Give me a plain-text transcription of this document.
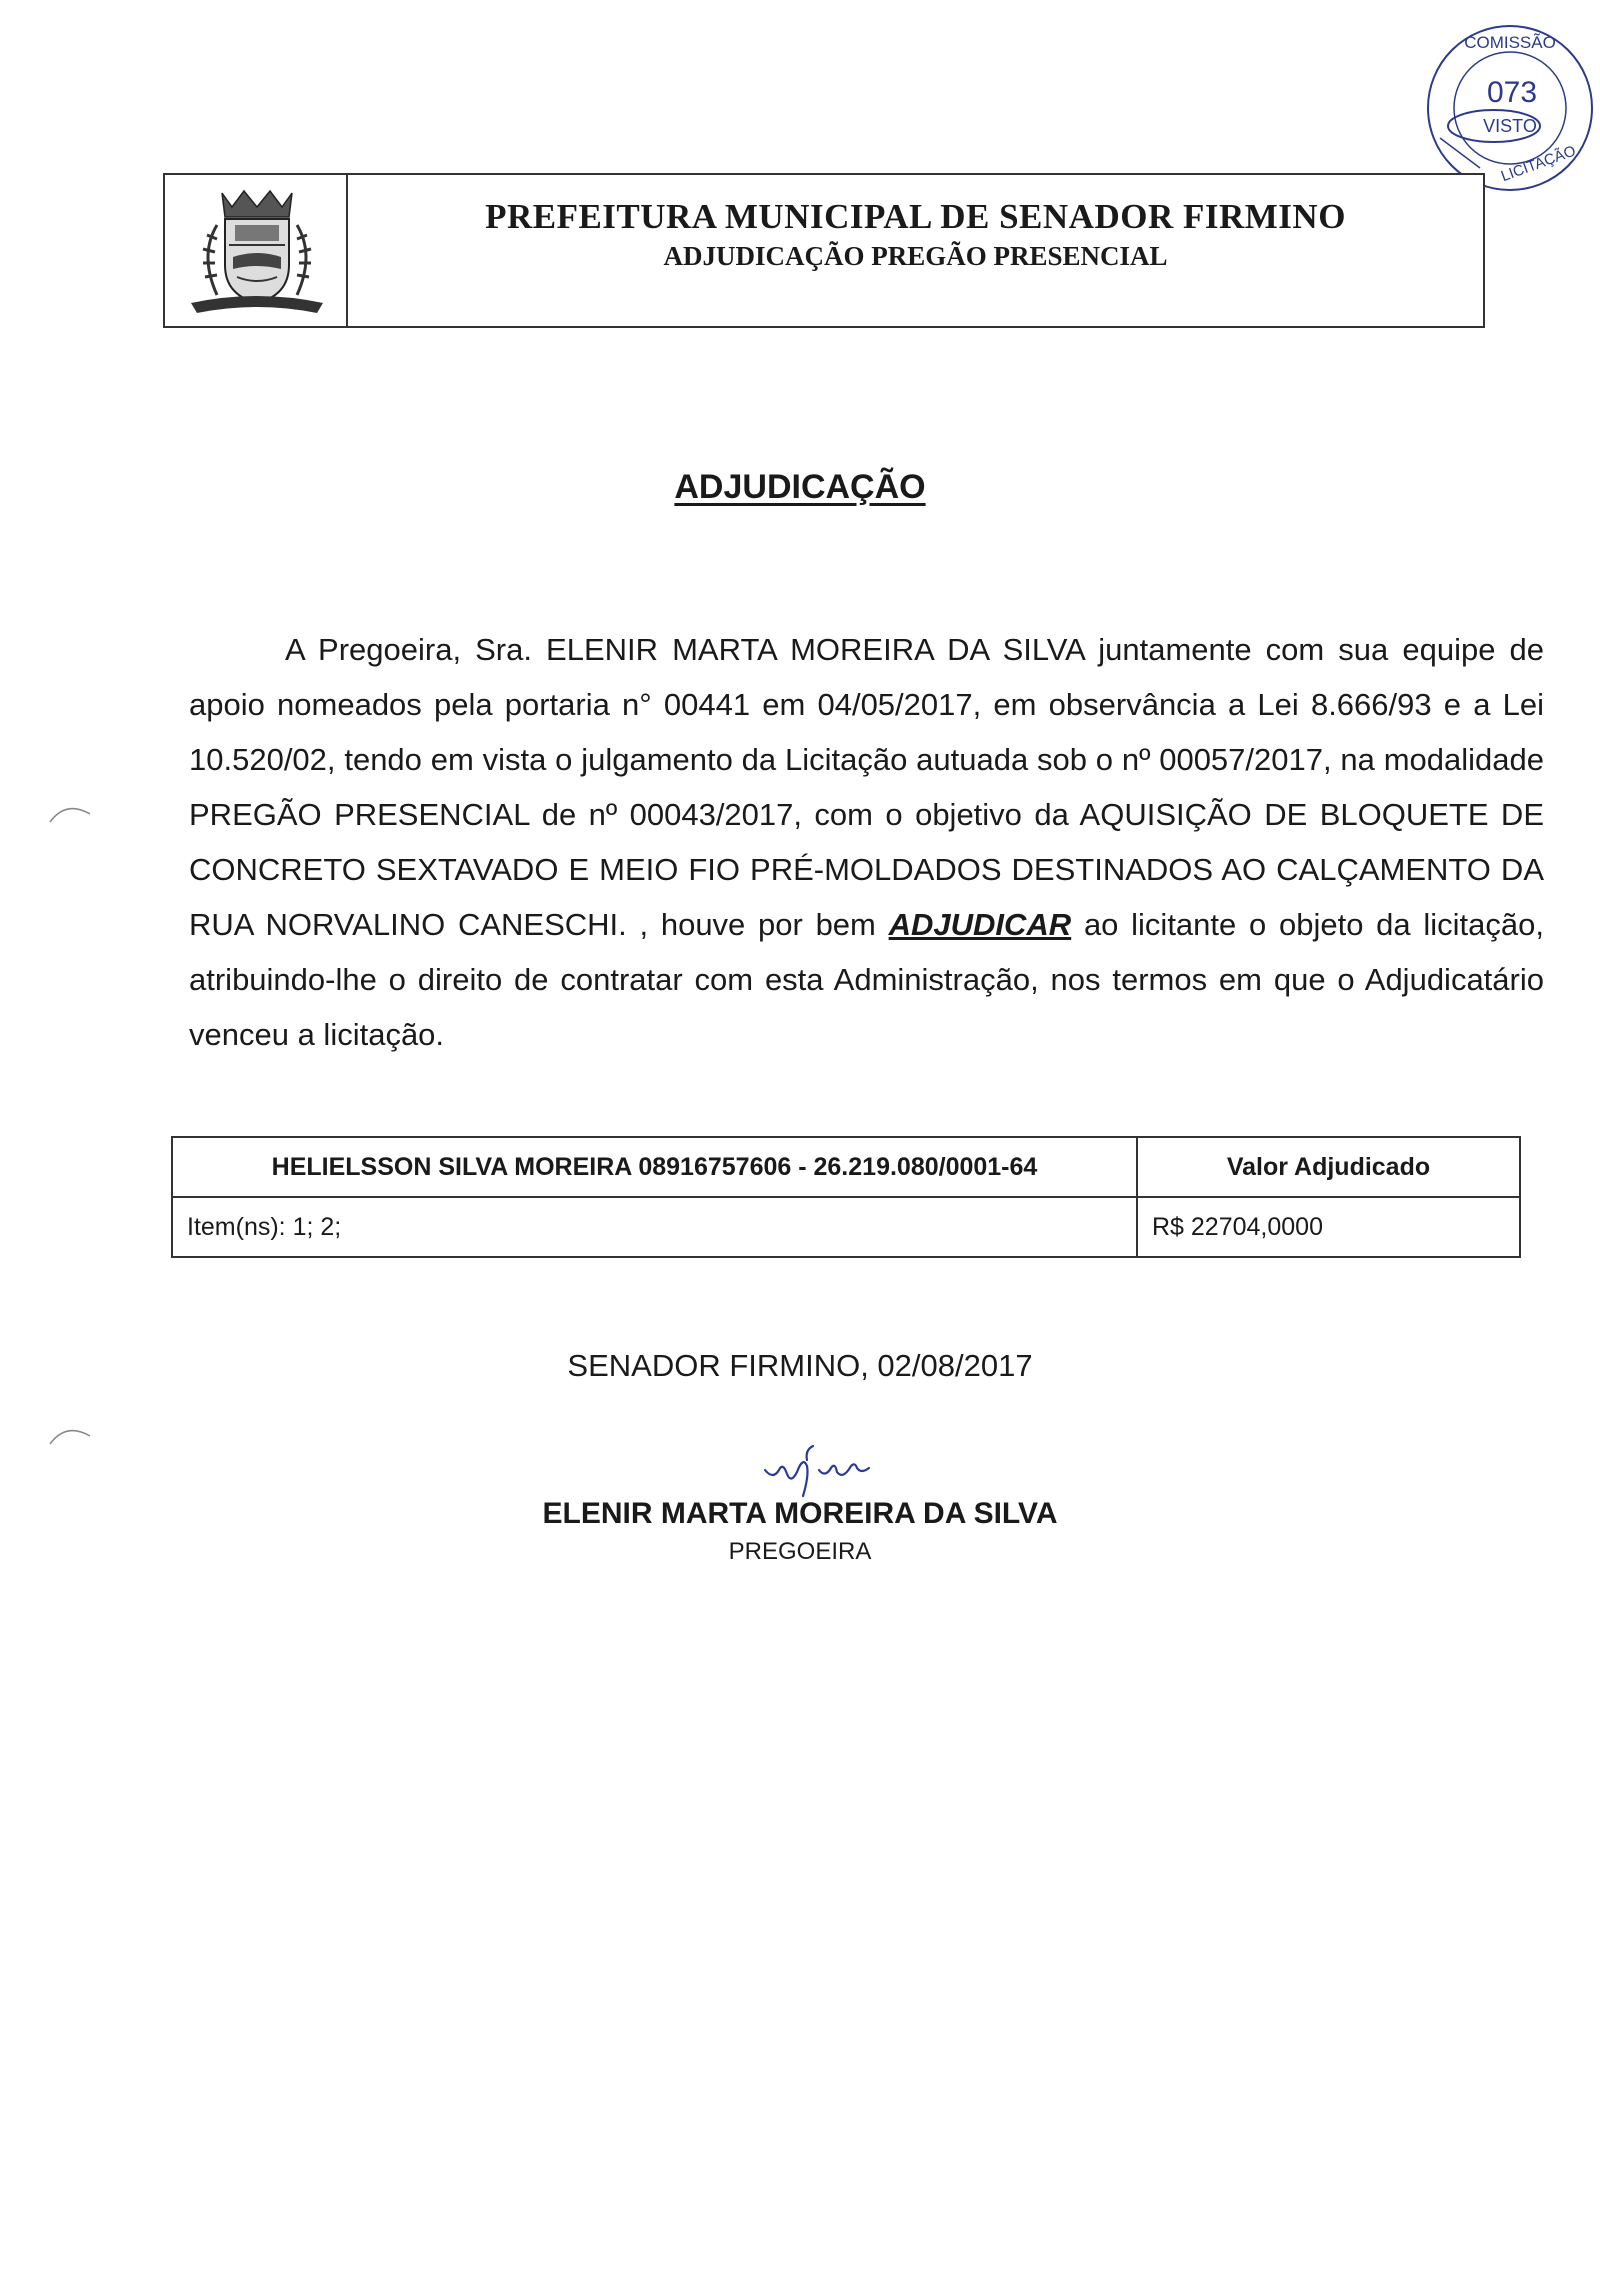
COMISSÃO
073
VISTO
LICITAÇÃO
PREFEITURA MUNICIPAL DE SENADOR FIRMINO
ADJUDICAÇÃO PREGÃO PRESENCIAL
ADJUDICAÇÃO
A Pregoeira, Sra. ELENIR MARTA MOREIRA DA SILVA juntamente com sua equipe de apoio nomeados pela portaria n° 00441 em 04/05/2017, em observância a Lei 8.666/93 e a Lei 10.520/02, tendo em vista o julgamento da Licitação autuada sob o nº 00057/2017, na modalidade PREGÃO PRESENCIAL de nº 00043/2017, com o objetivo da AQUISIÇÃO DE BLOQUETE DE CONCRETO SEXTAVADO E MEIO FIO PRÉ-MOLDADOS DESTINADOS AO CALÇAMENTO DA RUA NORVALINO CANESCHI. , houve por bem ADJUDICAR ao licitante o objeto da licitação, atribuindo-lhe o direito de contratar com esta Administração, nos termos em que o Adjudicatário venceu a licitação.
HELIELSSON SILVA MOREIRA 08916757606 - 26.219.080/0001-64	Valor Adjudicado
Item(ns): 1; 2;	R$ 22704,0000
SENADOR FIRMINO, 02/08/2017
ELENIR MARTA MOREIRA DA SILVA
PREGOEIRA
